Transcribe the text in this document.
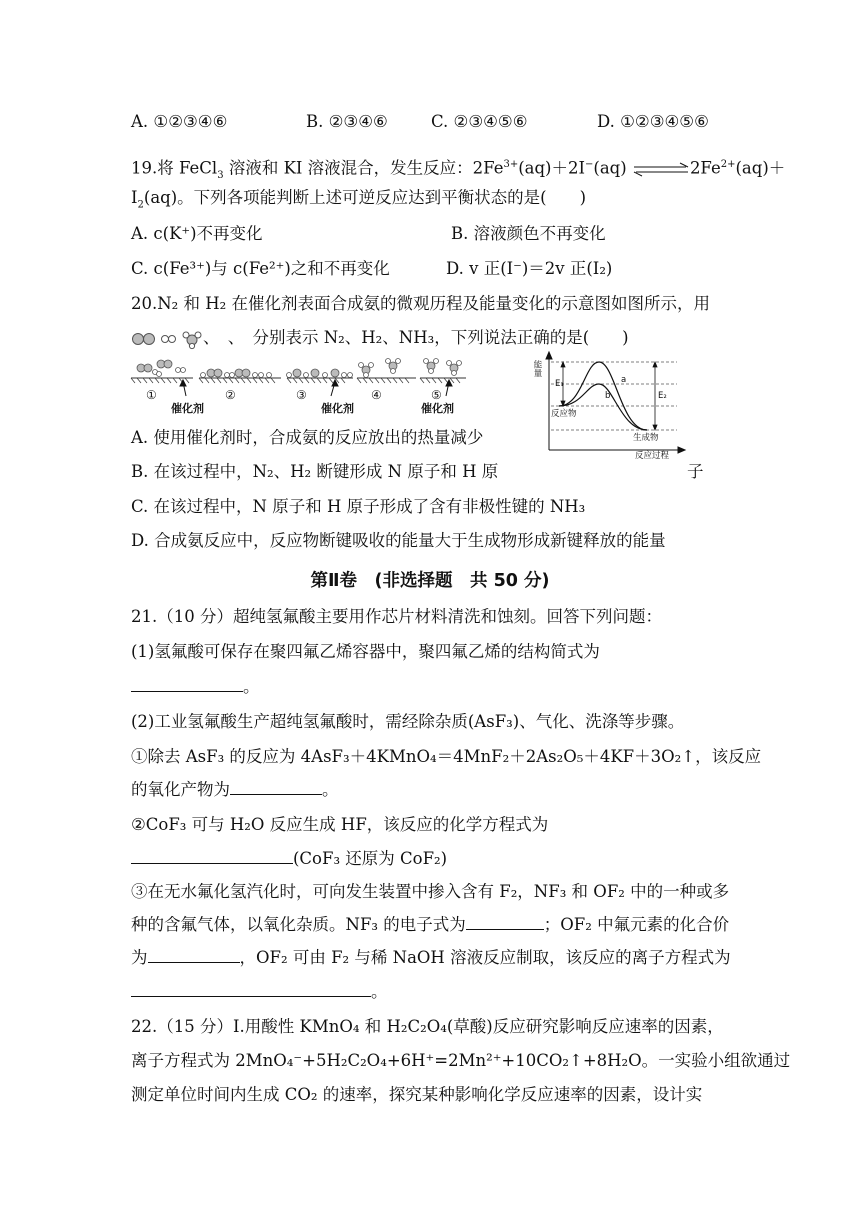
A. ①②③④⑥	B. ②③④⑥	C. ②③④⑤⑥	D. ①②③④⑤⑥
19.将 FeCl$_3$ 溶液和 KI 溶液混合，发生反应：$2Fe^{3+}(aq)+2I^-(aq)$ $\rightleftharpoons 2Fe^{2+}(aq)+$
$I_2(aq)$。下列各项能判断上述可逆反应达到平衡状态的是(　　)
A. c(K⁺)不再变化	B. 溶液颜色不再变化
C. c(Fe³⁺)与 c(Fe²⁺)之和不再变化	D. v 正(I⁻)＝2v 正(I₂)
20.N₂ 和 H₂ 在催化剂表面合成氨的微观历程及能量变化的示意图如图所示，用
、　、　分别表示 N₂、H₂、NH₃，下列说法正确的是(　　)
①	②	③	④	⑤
催化剂	催化剂	催化剂
能量
E₁
E₂
a
b
反应物
生成物
反应过程
A. 使用催化剂时，合成氨的反应放出的热量减少
B. 在该过程中，N₂、H₂ 断键形成 N 原子和 H 原	子
C. 在该过程中，N 原子和 H 原子形成了含有非极性键的 NH₃
D. 合成氨反应中，反应物断键吸收的能量大于生成物形成新键释放的能量
第Ⅱ卷　(非选择题　共 50 分)
21.（10 分）超纯氢氟酸主要用作芯片材料清洗和蚀刻。回答下列问题：
(1)氢氟酸可保存在聚四氟乙烯容器中，聚四氟乙烯的结构简式为
。
(2)工业氢氟酸生产超纯氢氟酸时，需经除杂质(AsF₃)、气化、洗涤等步骤。
①除去 AsF₃ 的反应为 4AsF₃＋4KMnO₄＝4MnF₂＋2As₂O₅＋4KF＋3O₂↑，该反应
的氧化产物为	。
②CoF₃ 可与 H₂O 反应生成 HF，该反应的化学方程式为
(CoF₃ 还原为 CoF₂)
③在无水氟化氢汽化时，可向发生装置中掺入含有 F₂，NF₃ 和 OF₂ 中的一种或多
种的含氟气体，以氧化杂质。NF₃ 的电子式为	；OF₂ 中氟元素的化合价
为	，OF₂ 可由 F₂ 与稀 NaOH 溶液反应制取，该反应的离子方程式为
。
22.（15 分）Ⅰ.用酸性 KMnO₄ 和 H₂C₂O₄(草酸)反应研究影响反应速率的因素，
离子方程式为 2MnO₄⁻+5H₂C₂O₄+6H⁺=2Mn²⁺+10CO₂↑+8H₂O。一实验小组欲通过
测定单位时间内生成 CO₂ 的速率，探究某种影响化学反应速率的因素，设计实
